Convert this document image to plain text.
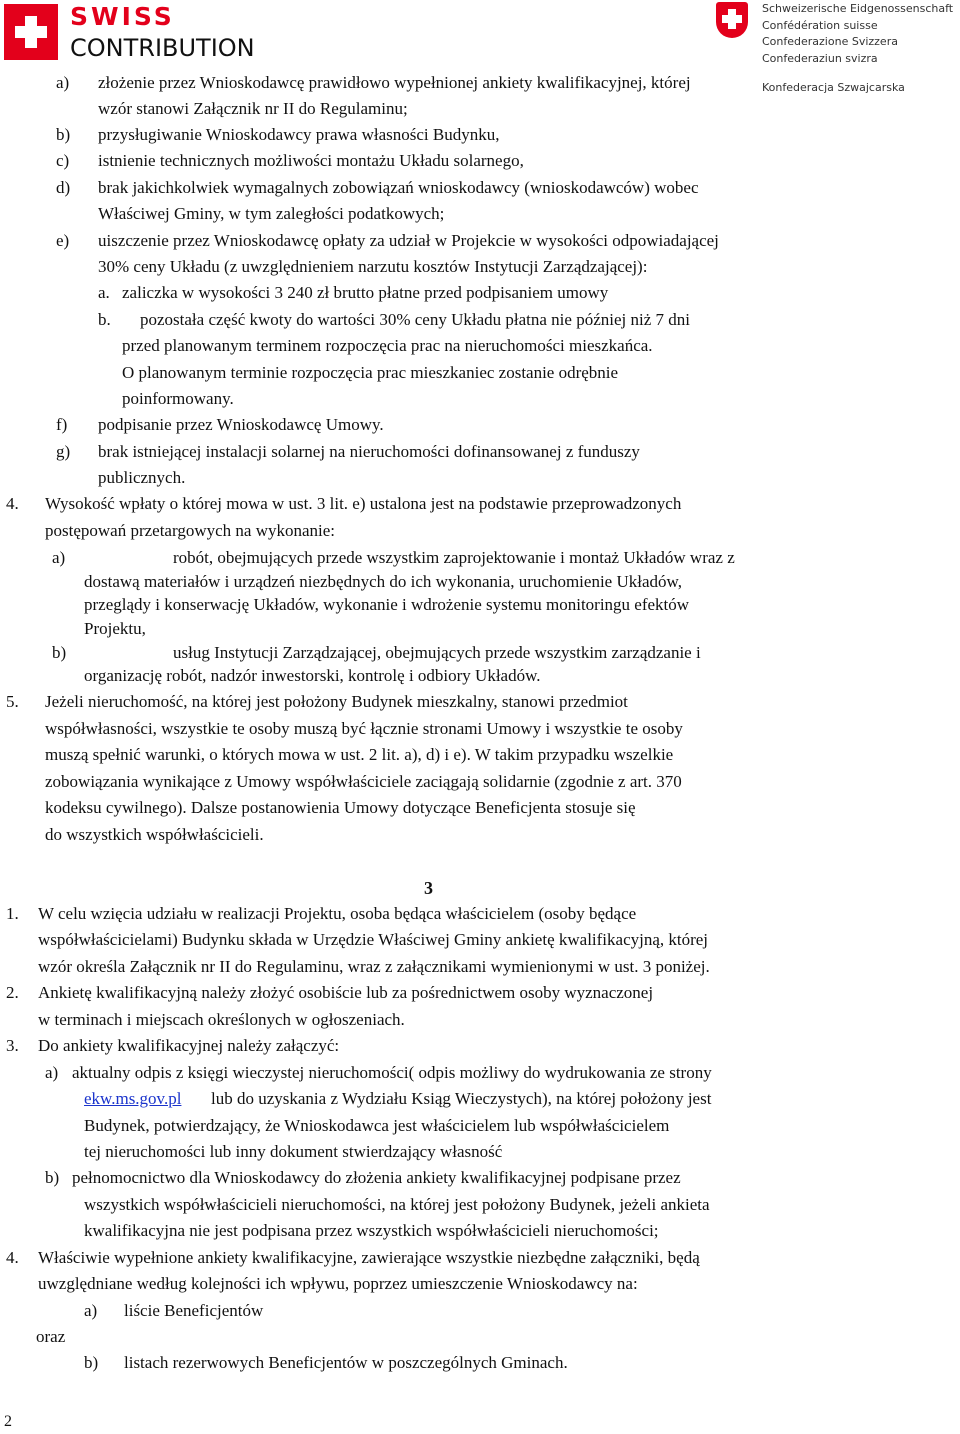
SWISS
CONTRIBUTION
Schweizerische Eidgenossenschaft
Confédération suisse
Confederazione Svizzera
Confederaziun svizra
Konfederacja Szwajcarska
a) złożenie przez Wnioskodawcę prawidłowo wypełnionej ankiety kwalifikacyjnej, której
wzór stanowi Załącznik nr II do Regulaminu;
b) przysługiwanie Wnioskodawcy prawa własności Budynku,
c) istnienie technicznych możliwości montażu Układu solarnego,
d) brak jakichkolwiek wymagalnych zobowiązań wnioskodawcy (wnioskodawców) wobec
Właściwej Gminy, w tym zaległości podatkowych;
e) uiszczenie przez Wnioskodawcę opłaty za udział w Projekcie w wysokości odpowiadającej
30% ceny Układu (z uwzględnieniem narzutu kosztów Instytucji Zarządzającej):
a. zaliczka w wysokości 3 240 zł brutto płatne przed podpisaniem umowy
b. pozostała część kwoty do wartości 30% ceny Układu płatna nie później niż 7 dni
przed planowanym terminem rozpoczęcia prac na nieruchomości mieszkańca.
O planowanym terminie rozpoczęcia prac mieszkaniec zostanie odrębnie
poinformowany.
f) podpisanie przez Wnioskodawcę Umowy.
g) brak istniejącej instalacji solarnej na nieruchomości dofinansowanej z funduszy
publicznych.
4. Wysokość wpłaty o której mowa w ust. 3 lit. e) ustalona jest na podstawie przeprowadzonych
postępowań przetargowych na wykonanie:
a)	robót, obejmujących przede wszystkim zaprojektowanie i montaż Układów wraz z
dostawą materiałów i urządzeń niezbędnych do ich wykonania, uruchomienie Układów,
przeglądy i konserwację Układów, wykonanie i wdrożenie systemu monitoringu efektów
Projektu,
b)	usług Instytucji Zarządzającej, obejmujących przede wszystkim zarządzanie i
organizację robót, nadzór inwestorski, kontrolę i odbiory Układów.
5. Jeżeli nieruchomość, na której jest położony Budynek mieszkalny, stanowi przedmiot
współwłasności, wszystkie te osoby muszą być łącznie stronami Umowy i wszystkie te osoby
muszą spełnić warunki, o których mowa w ust. 2 lit. a), d) i e). W takim przypadku wszelkie
zobowiązania wynikające z Umowy współwłaściciele zaciągają solidarnie (zgodnie z art. 370
kodeksu cywilnego). Dalsze postanowienia Umowy dotyczące Beneficjenta stosuje się
do wszystkich współwłaścicieli.
3
1. W celu wzięcia udziału w realizacji Projektu, osoba będąca właścicielem (osoby będące
współwłaścicielami) Budynku składa w Urzędzie Właściwej Gminy ankietę kwalifikacyjną, której
wzór określa Załącznik nr II do Regulaminu, wraz z załącznikami wymienionymi w ust. 3 poniżej.
2. Ankietę kwalifikacyjną należy złożyć osobiście lub za pośrednictwem osoby wyznaczonej
w terminach i miejscach określonych w ogłoszeniach.
3. Do ankiety kwalifikacyjnej należy załączyć:
a) aktualny odpis z księgi wieczystej nieruchomości( odpis możliwy do wydrukowania ze strony
ekw.ms.gov.pl lub do uzyskania z Wydziału Ksiąg Wieczystych), na której położony jest
Budynek, potwierdzający, że Wnioskodawca jest właścicielem lub współwłaścicielem
tej nieruchomości lub inny dokument stwierdzający własność
b) pełnomocnictwo dla Wnioskodawcy do złożenia ankiety kwalifikacyjnej podpisane przez
wszystkich współwłaścicieli nieruchomości, na której jest położony Budynek, jeżeli ankieta
kwalifikacyjna nie jest podpisana przez wszystkich współwłaścicieli nieruchomości;
4. Właściwie wypełnione ankiety kwalifikacyjne, zawierające wszystkie niezbędne załączniki, będą
uwzględniane według kolejności ich wpływu, poprzez umieszczenie Wnioskodawcy na:
a) liście Beneficjentów
oraz
b) listach rezerwowych Beneficjentów w poszczególnych Gminach.
2
